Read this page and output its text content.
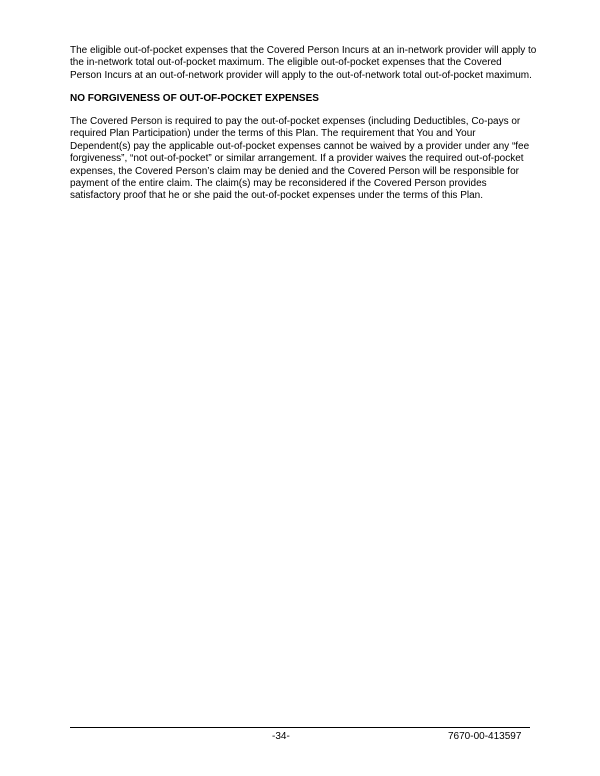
The eligible out-of-pocket expenses that the Covered Person Incurs at an in-network provider will apply to
the in-network total out-of-pocket maximum. The eligible out-of-pocket expenses that the Covered
Person Incurs at an out-of-network provider will apply to the out-of-network total out-of-pocket maximum.
NO FORGIVENESS OF OUT-OF-POCKET EXPENSES
The Covered Person is required to pay the out-of-pocket expenses (including Deductibles, Co-pays or
required Plan Participation) under the terms of this Plan. The requirement that You and Your
Dependent(s) pay the applicable out-of-pocket expenses cannot be waived by a provider under any “fee
forgiveness”, “not out-of-pocket” or similar arrangement. If a provider waives the required out-of-pocket
expenses, the Covered Person’s claim may be denied and the Covered Person will be responsible for
payment of the entire claim. The claim(s) may be reconsidered if the Covered Person provides
satisfactory proof that he or she paid the out-of-pocket expenses under the terms of this Plan.
-34-	7670-00-413597
